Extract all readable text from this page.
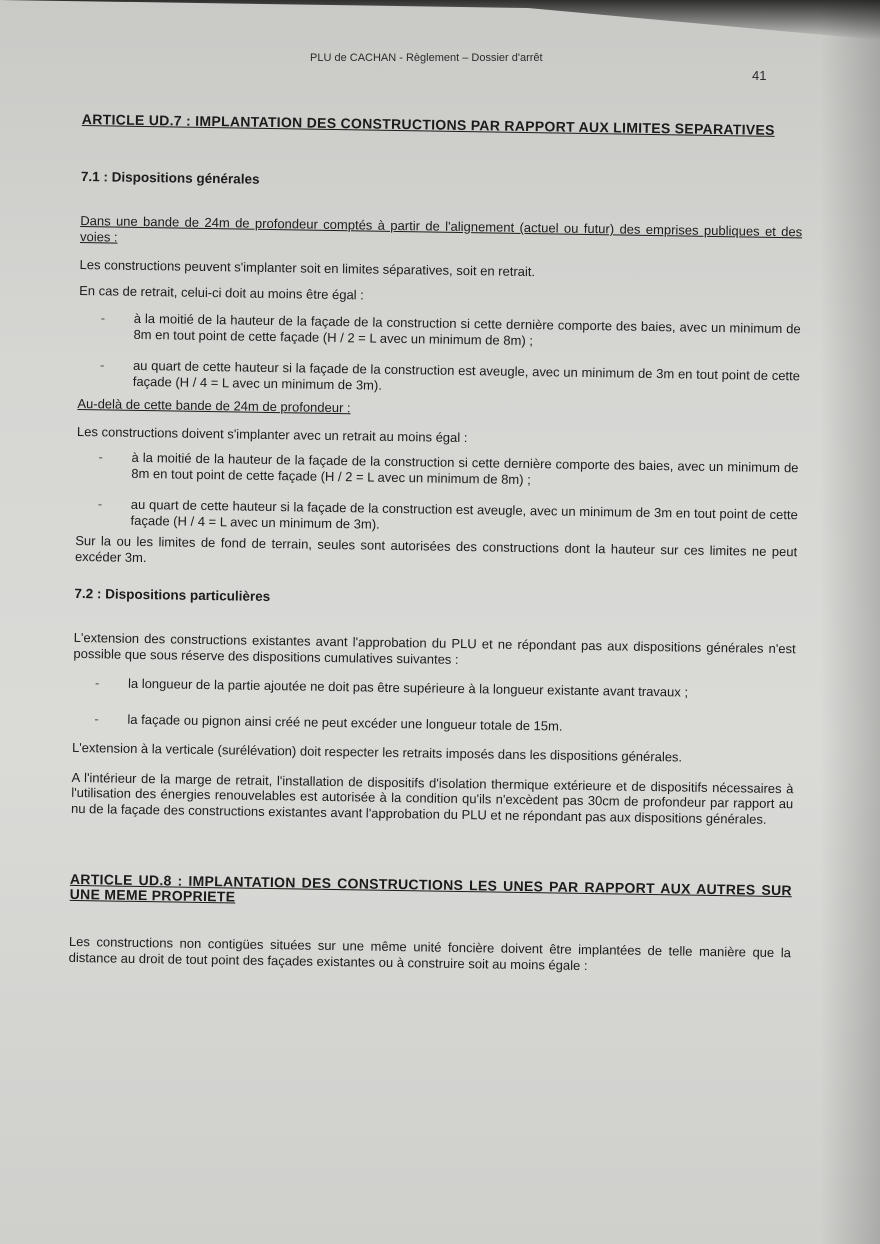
PLU de CACHAN - Règlement – Dossier d'arrêt
41
ARTICLE UD.7 : IMPLANTATION DES CONSTRUCTIONS PAR RAPPORT AUX LIMITES SEPARATIVES
7.1 : Dispositions générales

Dans une bande de 24m de profondeur comptés à partir de l'alignement (actuel ou futur) des emprises publiques et des voies :

Les constructions peuvent s'implanter soit en limites séparatives, soit en retrait.

En cas de retrait, celui-ci doit au moins être égal :

- à la moitié de la hauteur de la façade de la construction si cette dernière comporte des baies, avec un minimum de 8m en tout point de cette façade (H / 2 = L avec un minimum de 8m) ;
- au quart de cette hauteur si la façade de la construction est aveugle, avec un minimum de 3m en tout point de cette façade (H / 4 = L avec un minimum de 3m).

Au-delà de cette bande de 24m de profondeur :

Les constructions doivent s'implanter avec un retrait au moins égal :

- à la moitié de la hauteur de la façade de la construction si cette dernière comporte des baies, avec un minimum de 8m en tout point de cette façade (H / 2 = L avec un minimum de 8m) ;
- au quart de cette hauteur si la façade de la construction est aveugle, avec un minimum de 3m en tout point de cette façade (H / 4 = L avec un minimum de 3m).

Sur la ou les limites de fond de terrain, seules sont autorisées des constructions dont la hauteur sur ces limites ne peut excéder 3m.

7.2 : Dispositions particulières

L'extension des constructions existantes avant l'approbation du PLU et ne répondant pas aux dispositions générales n'est possible que sous réserve des dispositions cumulatives suivantes :

- la longueur de la partie ajoutée ne doit pas être supérieure à la longueur existante avant travaux ;
- la façade ou pignon ainsi créé ne peut excéder une longueur totale de 15m.

L'extension à la verticale (surélévation) doit respecter les retraits imposés dans les dispositions générales.

A l'intérieur de la marge de retrait, l'installation de dispositifs d'isolation thermique extérieure et de dispositifs nécessaires à l'utilisation des énergies renouvelables est autorisée à la condition qu'ils n'excèdent pas 30cm de profondeur par rapport au nu de la façade des constructions existantes avant l'approbation du PLU et ne répondant pas aux dispositions générales.

ARTICLE UD.8 : IMPLANTATION DES CONSTRUCTIONS LES UNES PAR RAPPORT AUX AUTRES SUR UNE MEME PROPRIETE

Les constructions non contigües situées sur une même unité foncière doivent être implantées de telle manière que la distance au droit de tout point des façades existantes ou à construire soit au moins égale :
